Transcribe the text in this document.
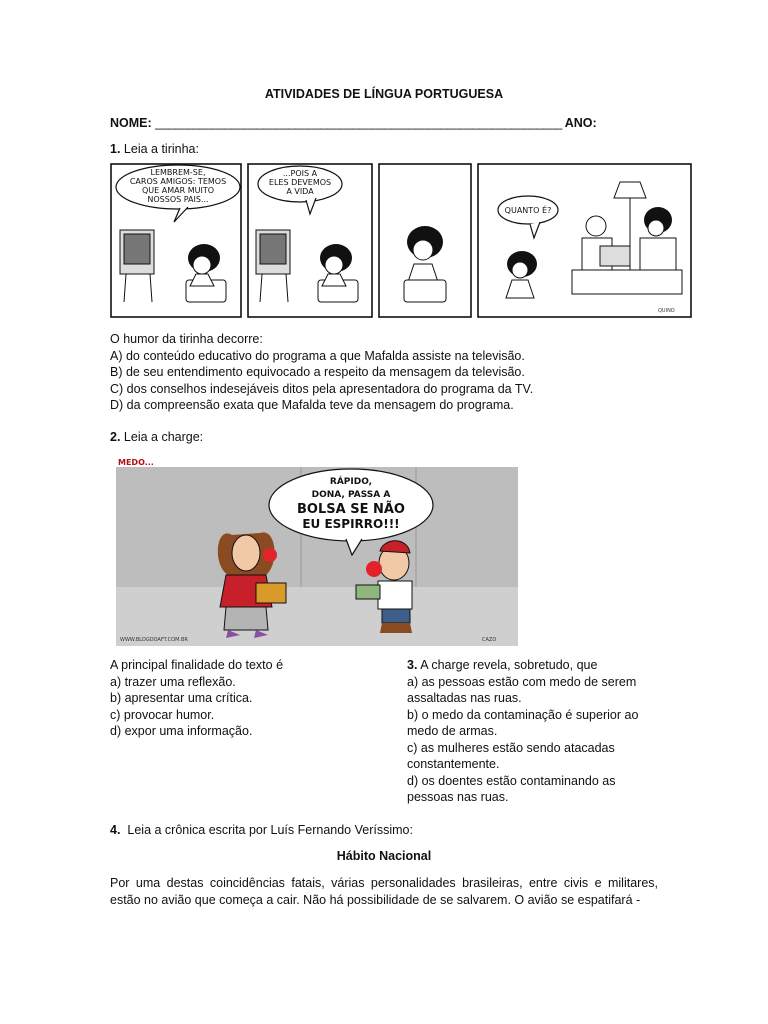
ATIVIDADES DE LÍNGUA PORTUGUESA
NOME: ________________________________________________________________ ANO:
1. Leia a tirinha:
LEMBREM-SE, CAROS AMIGOS: TEMOS QUE AMAR MUITO NOSSOS PAIS...
...POIS A ELES DEVEMOS A VIDA
QUANTO É?
QUINO
O humor da tirinha decorre:
A) do conteúdo educativo do programa a que Mafalda assiste na televisão.
B) de seu entendimento equivocado a respeito da mensagem da televisão.
C) dos conselhos indesejáveis ditos pela apresentadora do programa da TV.
D) da compreensão exata que Mafalda teve da mensagem do programa.
2. Leia a charge:
MEDO...
RÁPIDO, DONA, PASSA A BOLSA SE NÃO EU ESPIRRO!!!
WWW.BLOGDOAFT.COM.BR	CAZO
A principal finalidade do texto é
a) trazer uma reflexão.
b) apresentar uma crítica.
c) provocar humor.
d) expor uma informação.
3. A charge revela, sobretudo, que
a) as pessoas estão com medo de serem assaltadas nas ruas.
b) o medo da contaminação é superior ao medo de armas.
c) as mulheres estão sendo atacadas constantemente.
d) os doentes estão contaminando as pessoas nas ruas.
4. Leia a crônica escrita por Luís Fernando Veríssimo:
Hábito Nacional
Por uma destas coincidências fatais, várias personalidades brasileiras, entre civis e militares, estão no avião que começa a cair. Não há possibilidade de se salvarem. O avião se espatifará -
